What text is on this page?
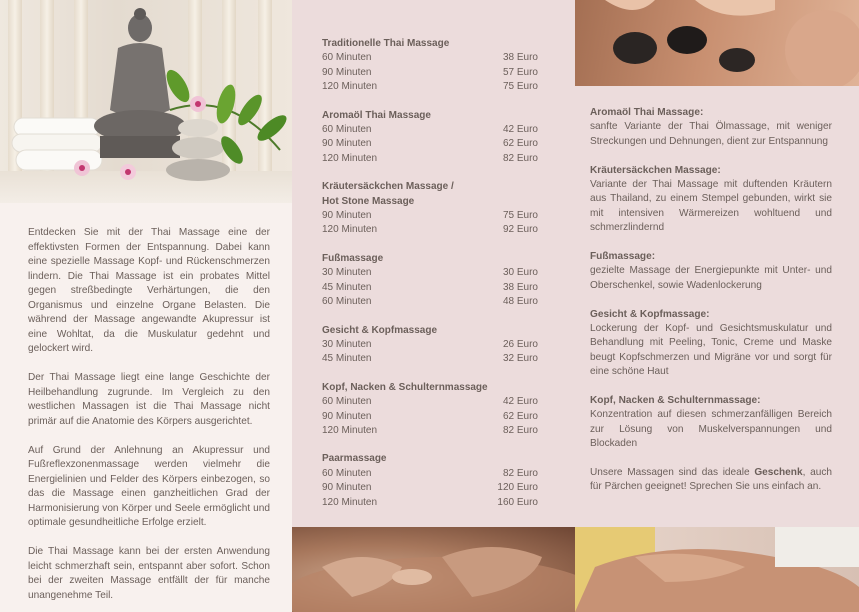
Entdecken Sie mit der Thai Massage eine der effektivsten Formen der Entspannung. Dabei kann eine spezielle Massage Kopf- und Rückenschmerzen lindern. Die Thai Massage ist ein probates Mittel gegen streßbedingte Verhärtungen, die den Organismus und einzelne Organe Belasten. Die während der Massage angewandte Akupressur ist eine Wohltat, da die Muskulatur gedehnt und gelockert wird.

Der Thai Massage liegt eine lange Geschichte der Heilbehandlung zugrunde. Im Vergleich zu den westlichen Massagen ist die Thai Massage nicht primär auf die Anatomie des Körpers ausgerichtet.

Auf Grund der Anlehnung an Akupressur und Fußreflexzonenmassage werden vielmehr die Energielinien und Felder des Körpers einbezogen, so das die Massage einen ganzheitlichen Grad der Harmonisierung von Körper und Seele ermöglicht und optimale gesundheitliche Erfolge erzielt.

Die Thai Massage kann bei der ersten Anwendung leicht schmerzhaft sein, entspannt aber sofort. Schon bei der zweiten Massage entfällt der für manche unangenehme Teil.

Traditionelle Thai Massage
60 Minuten	38 Euro
90 Minuten	57 Euro
120 Minuten	75 Euro
Aromaöl Thai Massage
60 Minuten	42 Euro
90 Minuten	62 Euro
120 Minuten	82 Euro
Kräutersäckchen Massage /
Hot Stone Massage
90 Minuten	75 Euro
120 Minuten	92 Euro
Fußmassage
30 Minuten	30 Euro
45 Minuten	38 Euro
60 Minuten	48 Euro
Gesicht & Kopfmassage
30 Minuten	26 Euro
45 Minuten	32 Euro
Kopf, Nacken & Schulternmassage
60 Minuten	42 Euro
90 Minuten	62 Euro
120 Minuten	82 Euro
Paarmassage
60 Minuten	82 Euro
90 Minuten	120 Euro
120 Minuten	160 Euro
Aromaöl Thai Massage:
sanfte Variante der Thai Ölmassage, mit weniger Streckungen und Dehnungen, dient zur Entspannung
Kräutersäckchen Massage:
Variante der Thai Massage mit duftenden Kräutern aus Thailand, zu einem Stempel gebunden, wirkt sie mit intensiven Wärmereizen wohltuend und schmerzlindernd
Fußmassage:
gezielte Massage der Energiepunkte mit Unter- und Oberschenkel, sowie Wadenlockerung
Gesicht & Kopfmassage:
Lockerung der Kopf- und Gesichtsmuskulatur und Behandlung mit Peeling, Tonic, Creme und Maske beugt Kopfschmerzen und Migräne vor und sorgt für eine schöne Haut
Kopf, Nacken & Schulternmassage:
Konzentration auf diesen schmerzanfälligen Bereich zur Lösung von Muskelverspannungen und Blockaden
Unsere Massagen sind das ideale Geschenk, auch für Pärchen geeignet! Sprechen Sie uns einfach an.
